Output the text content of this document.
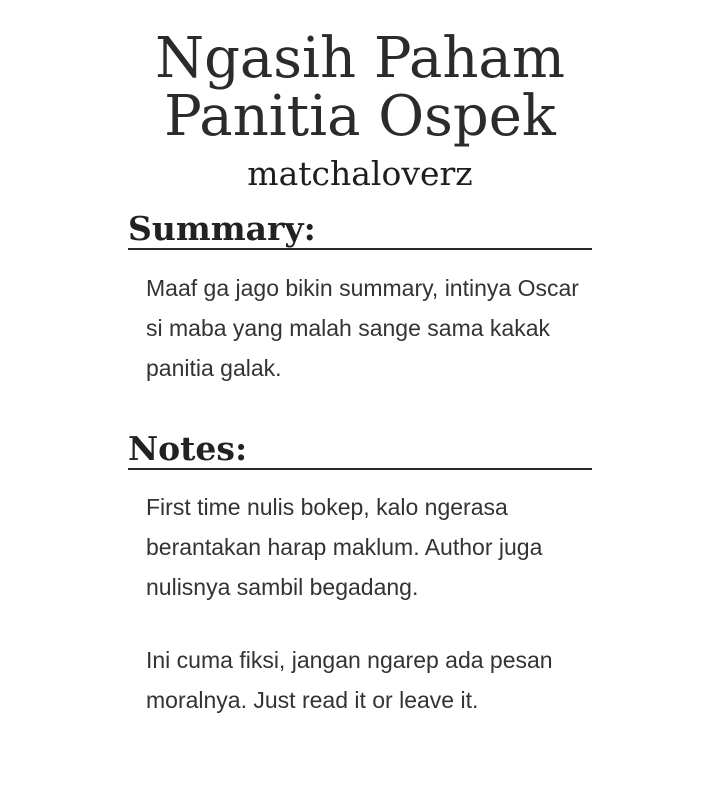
Ngasih Paham
Panitia Ospek
matchaloverz
Summary:

Maaf ga jago bikin summary, intinya Oscar si maba yang malah sange sama kakak panitia galak.

Notes:

First time nulis bokep, kalo ngerasa berantakan harap maklum. Author juga nulisnya sambil begadang.

Ini cuma fiksi, jangan ngarep ada pesan moralnya. Just read it or leave it.
